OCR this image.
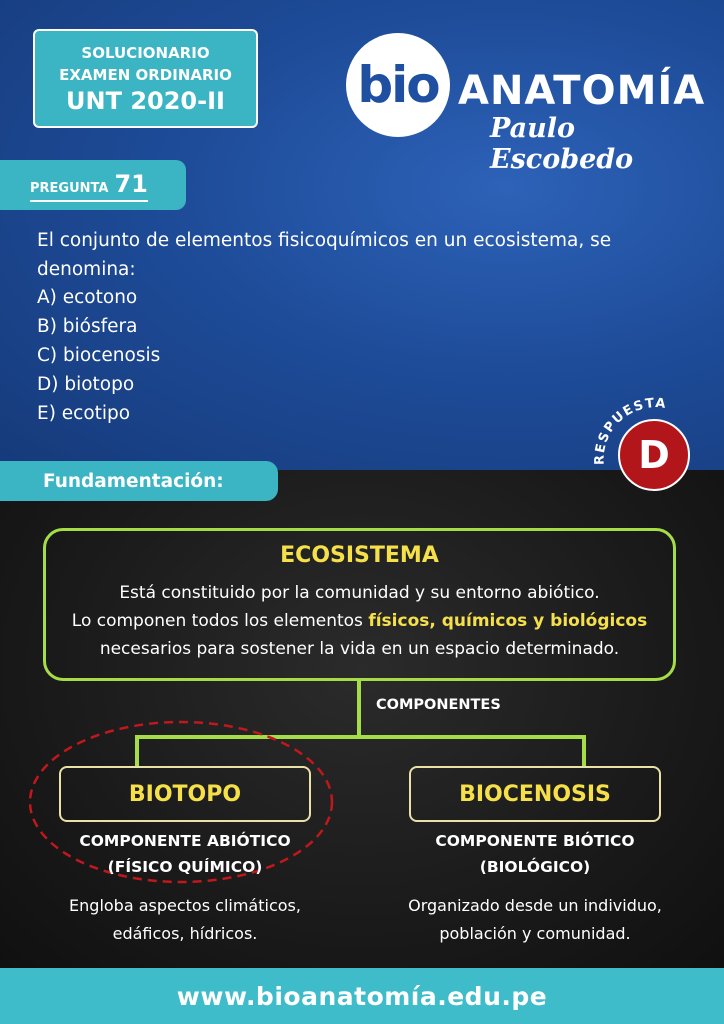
SOLUCIONARIO
EXAMEN ORDINARIO
UNT 2020-II	bio ANATOMÍA
Paulo Escobedo
PREGUNTA 71
El conjunto de elementos fisicoquímicos en un ecosistema, se denomina:
A) ecotono
B) biósfera
C) biocenosis
D) biotopo
E) ecotipo
RESPUESTA
D
Fundamentación:
ECOSISTEMA
Está constituido por la comunidad y su entorno abiótico.
Lo componen todos los elementos físicos, químicos y biológicos
necesarios para sostener la vida en un espacio determinado.
COMPONENTES
BIOTOPO
COMPONENTE ABIÓTICO
(FÍSICO QUÍMICO)
Engloba aspectos climáticos,
edáficos, hídricos.
BIOCENOSIS
COMPONENTE BIÓTICO
(BIOLÓGICO)
Organizado desde un individuo,
población y comunidad.
www.bioanatomía.edu.pe
